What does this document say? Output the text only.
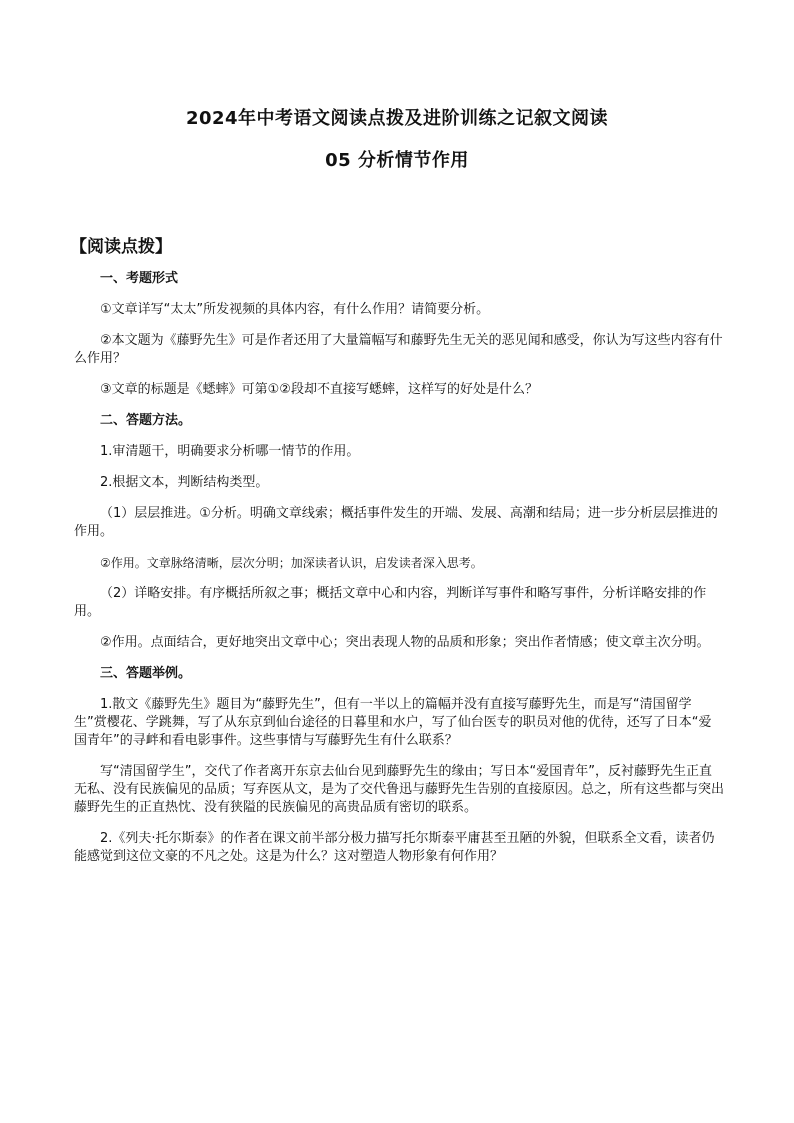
2024年中考语文阅读点拨及进阶训练之记叙文阅读
05 分析情节作用
【阅读点拨】
一、考题形式
①文章详写“太太”所发视频的具体内容，有什么作用？请简要分析。
②本文题为《藤野先生》可是作者还用了大量篇幅写和藤野先生无关的恶见闻和感受，你认为写这些内容有什么作用？
③文章的标题是《蟋蟀》可第①②段却不直接写蟋蟀，这样写的好处是什么？
二、答题方法。
1.审清题干，明确要求分析哪一情节的作用。
2.根据文本，判断结构类型。
（1）层层推进。①分析。明确文章线索；概括事件发生的开端、发展、高潮和结局；进一步分析层层推进的作用。
②作用。文章脉络清晰，层次分明；加深读者认识，启发读者深入思考。
（2）详略安排。有序概括所叙之事；概括文章中心和内容，判断详写事件和略写事件，分析详略安排的作用。
②作用。点面结合，更好地突出文章中心；突出表现人物的品质和形象；突出作者情感；使文章主次分明。
三、答题举例。
1.散文《藤野先生》题目为“藤野先生”，但有一半以上的篇幅并没有直接写藤野先生，而是写“清国留学生”赏樱花、学跳舞，写了从东京到仙台途径的日暮里和水户，写了仙台医专的职员对他的优待，还写了日本“爱国青年”的寻衅和看电影事件。这些事情与写藤野先生有什么联系？
写“清国留学生”，交代了作者离开东京去仙台见到藤野先生的缘由；写日本“爱国青年”，反衬藤野先生正直无私、没有民族偏见的品质；写弃医从文，是为了交代鲁迅与藤野先生告别的直接原因。总之，所有这些都与突出藤野先生的正直热忱、没有狭隘的民族偏见的高贵品质有密切的联系。
2.《列夫·托尔斯泰》的作者在课文前半部分极力描写托尔斯泰平庸甚至丑陋的外貌，但联系全文看，读者仍能感觉到这位文豪的不凡之处。这是为什么？这对塑造人物形象有何作用？
